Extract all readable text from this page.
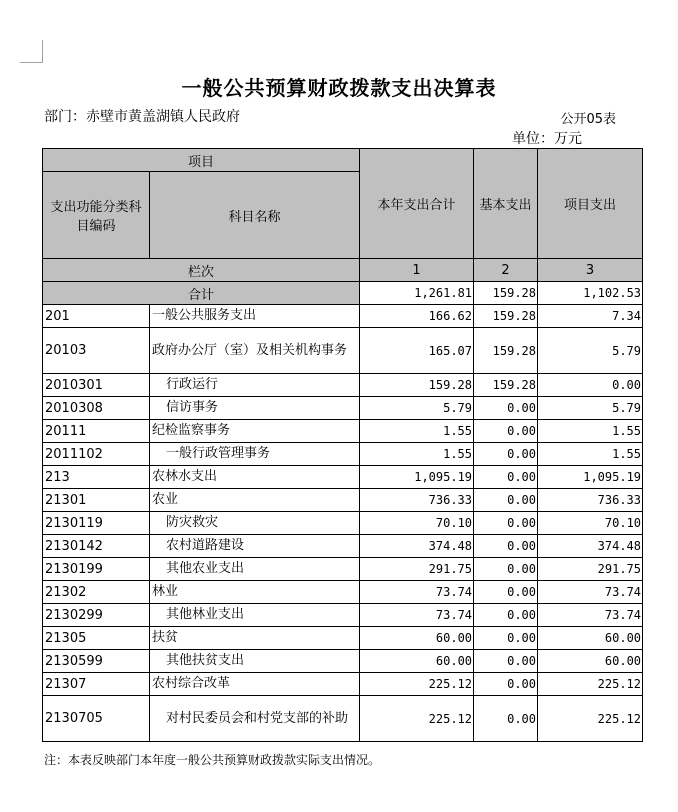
一般公共预算财政拨款支出决算表
部门：赤壁市黄盖湖镇人民政府	公开05表
单位：万元
项目		本年支出合计	基本支出	项目支出
支出功能分类科目编码	科目名称			
栏次		1	2	3
合计		1,261.81	159.28	1,102.53
201	一般公共服务支出	166.62	159.28	7.34
20103	政府办公厅（室）及相关机构事务	165.07	159.28	5.79
2010301	行政运行	159.28	159.28	0.00
2010308	信访事务	5.79	0.00	5.79
20111	纪检监察事务	1.55	0.00	1.55
2011102	一般行政管理事务	1.55	0.00	1.55
213	农林水支出	1,095.19	0.00	1,095.19
21301	农业	736.33	0.00	736.33
2130119	防灾救灾	70.10	0.00	70.10
2130142	农村道路建设	374.48	0.00	374.48
2130199	其他农业支出	291.75	0.00	291.75
21302	林业	73.74	0.00	73.74
2130299	其他林业支出	73.74	0.00	73.74
21305	扶贫	60.00	0.00	60.00
2130599	其他扶贫支出	60.00	0.00	60.00
21307	农村综合改革	225.12	0.00	225.12
2130705	对村民委员会和村党支部的补助	225.12	0.00	225.12
注：本表反映部门本年度一般公共预算财政拨款实际支出情况。
